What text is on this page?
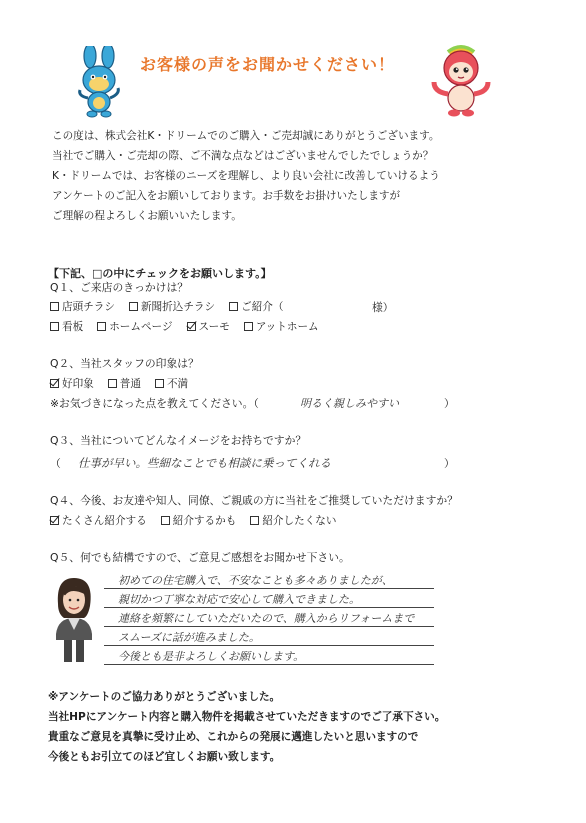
お客様の声をお聞かせください！
この度は、株式会社K・ドリームでのご購入・ご売却誠にありがとうございます。
当社でご購入・ご売却の際、ご不満な点などはございませんでしたでしょうか？
K・ドリームでは、お客様のニーズを理解し、より良い会社に改善していけるよう
アンケートのご記入をお願いしております。お手数をお掛けいたしますが
ご理解の程よろしくお願いいたします。
【下記、□の中にチェックをお願いします。】
Q１、ご来店のきっかけは？
店頭チラシ 新聞折込チラシ ご紹介（	様）
看板 ホームページ スーモ アットホーム
Q２、当社スタッフの印象は？
好印象 普通 不満
※お気づきになった点を教えてください。（	明るく親しみやすい	）
Q３、当社についてどんなイメージをお持ちですか？
（ 仕事が早い。些細なことでも相談に乗ってくれる	）
Q４、今後、お友達や知人、同僚、ご親戚の方に当社をご推奨していただけますか？
たくさん紹介する 紹介するかも 紹介したくない
Q５、何でも結構ですので、ご意見ご感想をお聞かせ下さい。
初めての住宅購入で、不安なことも多々ありましたが、
親切かつ丁寧な対応で安心して購入できました。
連絡を頻繁にしていただいたので、購入からリフォームまで
スムーズに話が進みました。
今後とも是非よろしくお願いします。
※アンケートのご協力ありがとうございました。
当社HPにアンケート内容と購入物件を掲載させていただきますのでご了承下さい。
貴重なご意見を真摯に受け止め、これからの発展に邁進したいと思いますので
今後ともお引立てのほど宜しくお願い致します。
